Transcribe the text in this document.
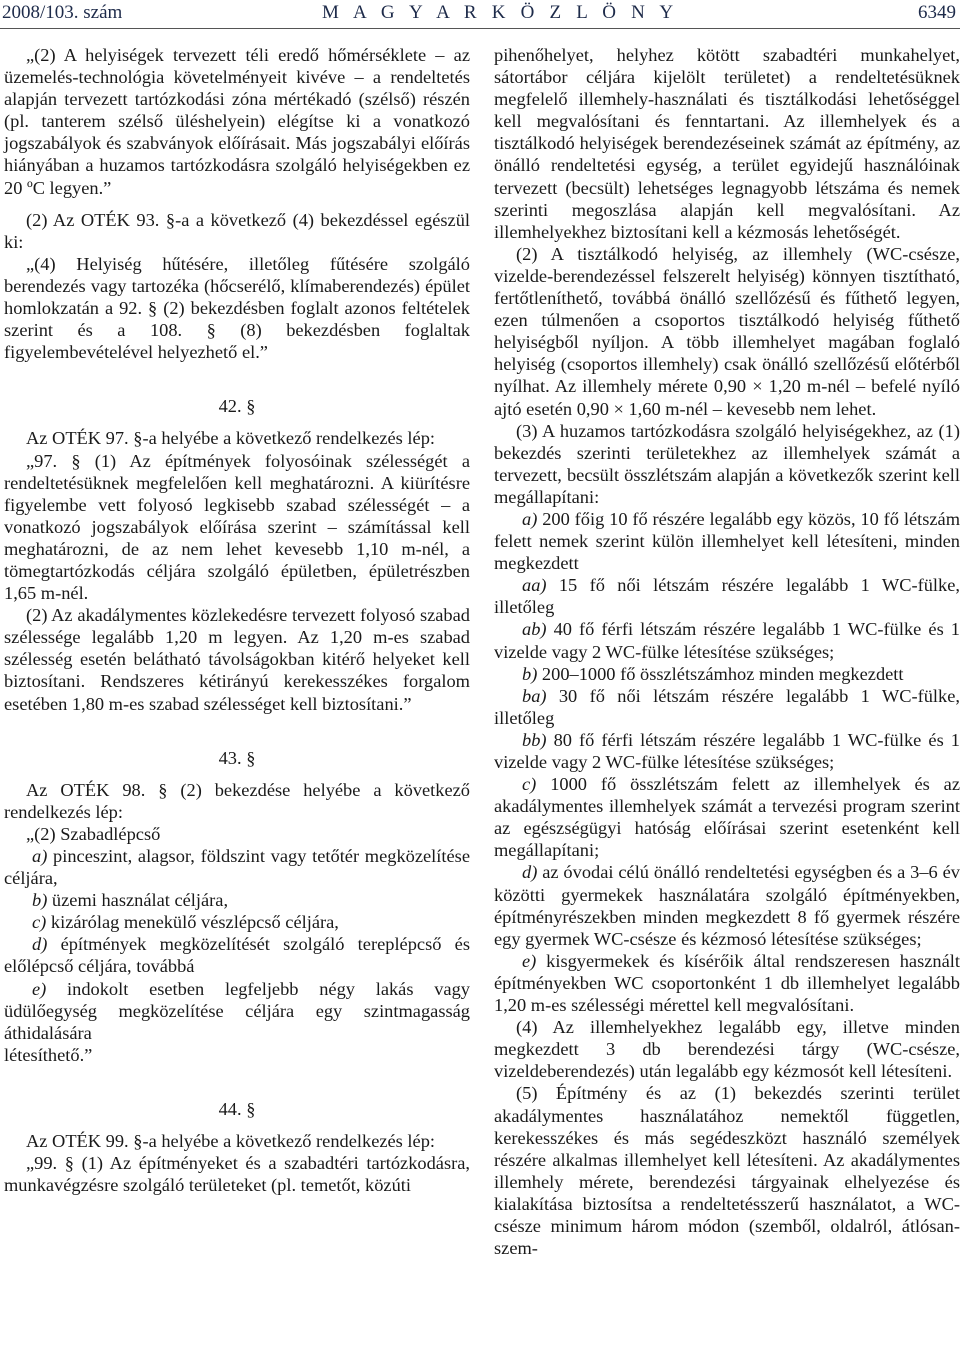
2008/103. szám	M A G Y A R K Ö Z L Ö N Y	6349

„(2) A helyiségek tervezett téli eredő hőmérséklete – az üzemelés-technológia követelményeit kivéve – a rendeltetés alapján tervezett tartózkodási zóna mértékadó (szélső) részén (pl. tanterem szélső üléshelyein) elégítse ki a vonatkozó jogszabályok és szabványok előírásait. Más jogszabályi előírás hiányában a huzamos tartózkodásra szolgáló helyiségekben ez 20 ºC legyen.”

(2) Az OTÉK 93. §-a a következő (4) bekezdéssel egészül ki:

„(4) Helyiség hűtésére, illetőleg fűtésére szolgáló berendezés vagy tartozéka (hőcserélő, klímaberendezés) épület homlokzatán a 92. § (2) bekezdésben foglalt azonos feltételek szerint és a 108. § (8) bekezdésben foglaltak figyelembevételével helyezhető el.”

42. §

Az OTÉK 97. §-a helyébe a következő rendelkezés lép:

„97. § (1) Az építmények folyosóinak szélességét a rendeltetésüknek megfelelően kell meghatározni. A kiürítésre figyelembe vett folyosó legkisebb szabad szélességét – a vonatkozó jogszabályok előírása szerint – számítással kell meghatározni, de az nem lehet kevesebb 1,10 m-nél, a tömegtartózkodás céljára szolgáló épületben, épületrészben 1,65 m-nél.

(2) Az akadálymentes közlekedésre tervezett folyosó szabad szélessége legalább 1,20 m legyen. Az 1,20 m-es szabad szélesség esetén belátható távolságokban kitérő helyeket kell biztosítani. Rendszeres kétirányú kerekesszékes forgalom esetében 1,80 m-es szabad szélességet kell biztosítani.”

43. §

Az OTÉK 98. § (2) bekezdése helyébe a következő rendelkezés lép:

„(2) Szabadlépcső

a) pinceszint, alagsor, földszint vagy tetőtér megközelítése céljára,

b) üzemi használat céljára,

c) kizárólag menekülő vészlépcső céljára,

d) építmények megközelítését szolgáló tereplépcső és előlépcső céljára, továbbá

e) indokolt esetben legfeljebb négy lakás vagy üdülőegység megközelítése céljára egy szintmagasság áthidalására

létesíthető.”

44. §

Az OTÉK 99. §-a helyébe a következő rendelkezés lép:

„99. § (1) Az építményeket és a szabadtéri tartózkodásra, munkavégzésre szolgáló területeket (pl. temetőt, közúti

pihenőhelyet, helyhez kötött szabadtéri munkahelyet, sátortábor céljára kijelölt területet) a rendeltetésüknek megfelelő illemhely-használati és tisztálkodási lehetőséggel kell megvalósítani és fenntartani. Az illemhelyek és a tisztálkodó helyiségek berendezéseinek számát az építmény, az önálló rendeltetési egység, a terület egyidejű használóinak tervezett (becsült) lehetséges legnagyobb létszáma és nemek szerinti megoszlása alapján kell megvalósítani. Az illemhelyekhez biztosítani kell a kézmosás lehetőségét.

(2) A tisztálkodó helyiség, az illemhely (WC-csésze, vizelde-berendezéssel felszerelt helyiség) könnyen tisztítható, fertőtleníthető, továbbá önálló szellőzésű és fűthető legyen, ezen túlmenően a csoportos tisztálkodó helyiség fűthető helyiségből nyíljon. A több illemhelyet magában foglaló helyiség (csoportos illemhely) csak önálló szellőzésű előtérből nyílhat. Az illemhely mérete 0,90 × 1,20 m-nél – befelé nyíló ajtó esetén 0,90 × 1,60 m-nél – kevesebb nem lehet.

(3) A huzamos tartózkodásra szolgáló helyiségekhez, az (1) bekezdés szerinti területekhez az illemhelyek számát a tervezett, becsült összlétszám alapján a következők szerint kell megállapítani:

a) 200 főig 10 fő részére legalább egy közös, 10 fő létszám felett nemek szerint külön illemhelyet kell létesíteni, minden megkezdett

aa) 15 fő női létszám részére legalább 1 WC-fülke, illetőleg

ab) 40 fő férfi létszám részére legalább 1 WC-fülke és 1 vizelde vagy 2 WC-fülke létesítése szükséges;

b) 200–1000 fő összlétszámhoz minden megkezdett

ba) 30 fő női létszám részére legalább 1 WC-fülke, illetőleg

bb) 80 fő férfi létszám részére legalább 1 WC-fülke és 1 vizelde vagy 2 WC-fülke létesítése szükséges;

c) 1000 fő összlétszám felett az illemhelyek és az akadálymentes illemhelyek számát a tervezési program szerint az egészségügyi hatóság előírásai szerint esetenként kell megállapítani;

d) az óvodai célú önálló rendeltetési egységben és a 3–6 év közötti gyermekek használatára szolgáló építményekben, építményrészekben minden megkezdett 8 fő gyermek részére egy gyermek WC-csésze és kézmosó létesítése szükséges;

e) kisgyermekek és kísérőik által rendszeresen használt építményekben WC csoportonként 1 db illemhelyet legalább 1,20 m-es szélességi mérettel kell megvalósítani.

(4) Az illemhelyekhez legalább egy, illetve minden megkezdett 3 db berendezési tárgy (WC-csésze, vizeldeberendezés) után legalább egy kézmosót kell létesíteni.

(5) Építmény és az (1) bekezdés szerinti terület akadálymentes használatához nemektől független, kerekesszékes és más segédeszközt használó személyek részére alkalmas illemhelyet kell létesíteni. Az akadálymentes illemhely mérete, berendezési tárgyainak elhelyezése és kialakítása biztosítsa a rendeltetésszerű használatot, a WC-csésze minimum három módon (szemből, oldalról, átlósan-szem-
